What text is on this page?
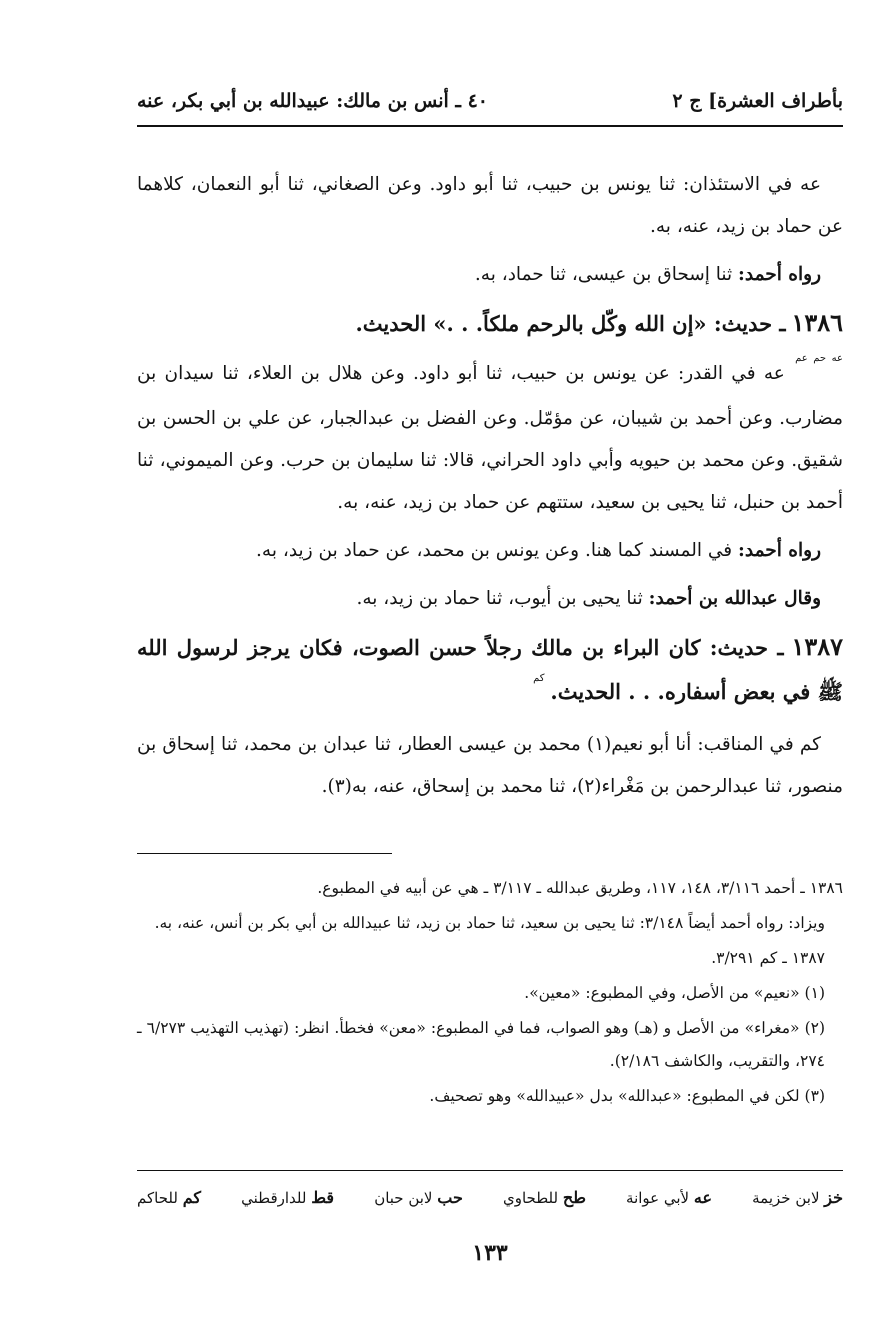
بأطراف العشرة] ج ٢
٤٠ ـ أنس بن مالك: عبيدالله بن أبي بكر، عنه

عه في الاستئذان: ثنا يونس بن حبيب، ثنا أبو داود. وعن الصغاني، ثنا أبو النعمان، كلاهما عن حماد بن زيد، عنه، به.

رواه أحمد: ثنا إسحاق بن عيسى، ثنا حماد، به.

١٣٨٦ ـ حديث: «إن الله وكّل بالرحم ملكاً. . .» الحديث.

$^{عه حم عم}$ عه في القدر: عن يونس بن حبيب، ثنا أبو داود. وعن هلال بن العلاء، ثنا سيدان بن مضارب. وعن أحمد بن شيبان، عن مؤمّل. وعن الفضل بن عبدالجبار، عن علي بن الحسن بن شقيق. وعن محمد بن حيويه وأبي داود الحراني، قالا: ثنا سليمان بن حرب. وعن الميموني، ثنا أحمد بن حنبل، ثنا يحيى بن سعيد، ستتهم عن حماد بن زيد، عنه، به.

رواه أحمد: في المسند كما هنا. وعن يونس بن محمد، عن حماد بن زيد، به.

وقال عبدالله بن أحمد: ثنا يحيى بن أيوب، ثنا حماد بن زيد، به.

١٣٨٧ ـ حديث: كان البراء بن مالك رجلاً حسن الصوت، فكان يرجز لرسول الله ﷺ في بعض أسفاره. . . الحديث. $^{كم}$

كم في المناقب: أنا أبو نعيم(١) محمد بن عيسى العطار، ثنا عبدان بن محمد، ثنا إسحاق بن منصور، ثنا عبدالرحمن بن مَغْراء(٢)، ثنا محمد بن إسحاق، عنه، به(٣).

١٣٨٦ ـ أحمد ٣/١١٦، ١٤٨، ١١٧، وطريق عبدالله ـ ٣/١١٧ ـ هي عن أبيه في المطبوع.

ويزاد: رواه أحمد أيضاً ٣/١٤٨: ثنا يحيى بن سعيد، ثنا حماد بن زيد، ثنا عبيدالله بن أبي بكر بن أنس، عنه، به.

١٣٨٧ ـ كم ٣/٢٩١.

(١) «نعيم» من الأصل، وفي المطبوع: «معين».

(٢) «مغراء» من الأصل و (هـ) وهو الصواب، فما في المطبوع: «معن» فخطأ. انظر: (تهذيب التهذيب ٦/٢٧٣ ـ ٢٧٤، والتقريب، والكاشف ٢/١٨٦).

(٣) لكن في المطبوع: «عبدالله» بدل «عبيدالله» وهو تصحيف.

خز لابن خزيمة
عه لأبي عوانة
طح للطحاوي
حب لابن حبان
قط للدارقطني
كم للحاكم
١٣٣
